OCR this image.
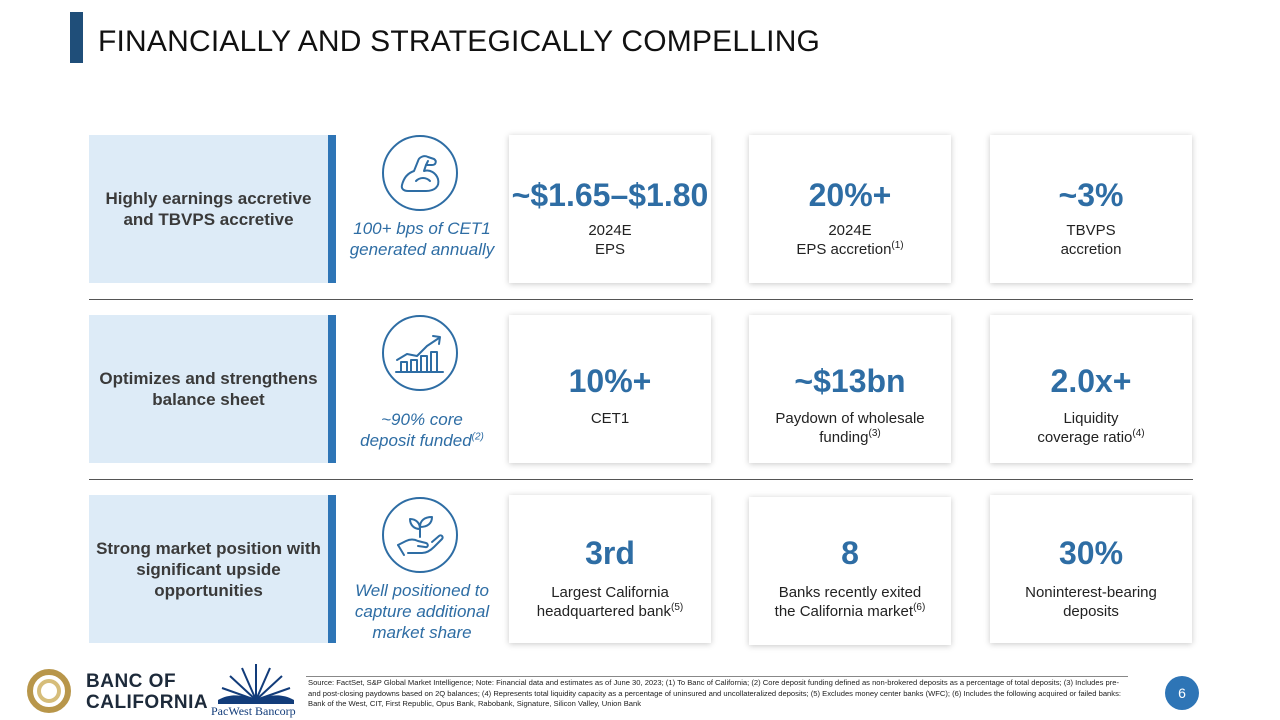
FINANCIALLY AND STRATEGICALLY COMPELLING
Highly earnings accretive and TBVPS accretive	100+ bps of CET1 generated annually
~$1.65–$1.80
2024E
EPS
20%+
2024E
EPS accretion$^{(1)}$
~3%
TBVPS
accretion
Optimizes and strengthens balance sheet
~90% core
deposit funded$^{(2)}$
10%+
CET1
~$13bn
Paydown of wholesale
funding$^{(3)}$
2.0x+
Liquidity
coverage ratio$^{(4)}$
Strong market position with significant upside opportunities	Well positioned to capture additional market share
3rd
Largest California
headquartered bank$^{(5)}$
8
Banks recently exited
the California market$^{(6)}$
30%
Noninterest-bearing
deposits
BANC OF
CALIFORNIA PacWest Bancorp
Source: FactSet, S&P Global Market Intelligence; Note: Financial data and estimates as of June 30, 2023; (1) To Banc of California; (2) Core deposit funding defined as non-brokered deposits as a percentage of total deposits; (3) Includes pre- and post-closing paydowns based on 2Q balances; (4) Represents total liquidity capacity as a percentage of uninsured and uncollateralized deposits; (5) Excludes money center banks (WFC); (6) Includes the following acquired or failed banks: Bank of the West, CIT, First Republic, Opus Bank, Rabobank, Signature, Silicon Valley, Union Bank
6
